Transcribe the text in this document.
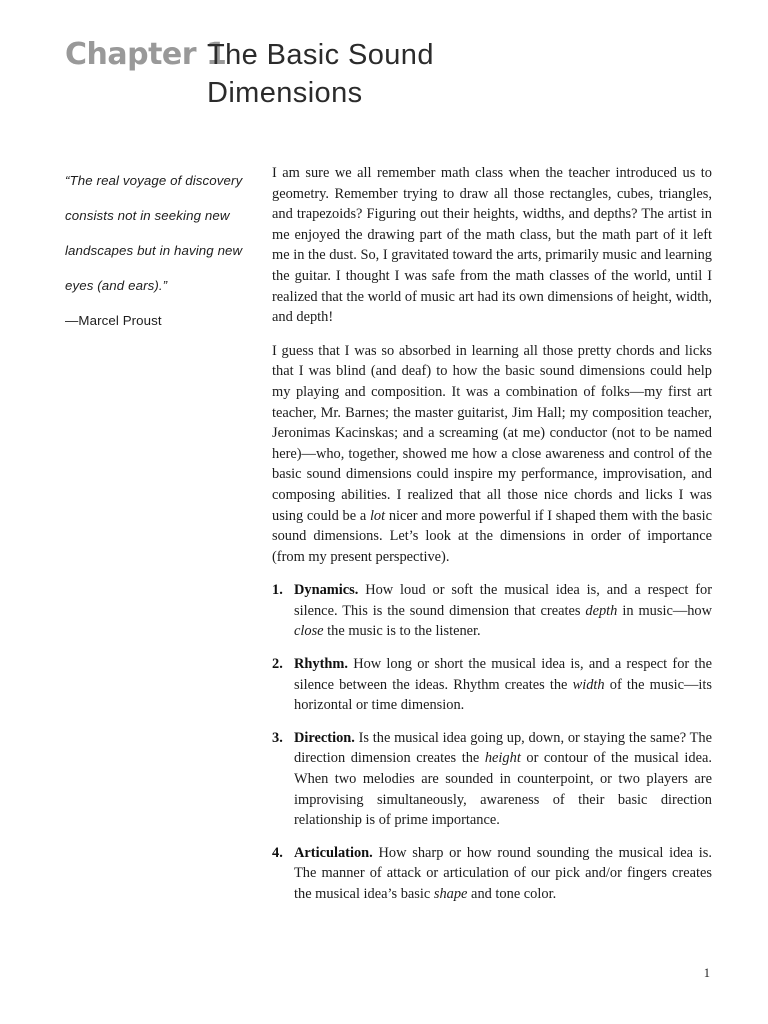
Chapter 1
The Basic Sound
Dimensions

“The real voyage of discovery consists not in seeking new landscapes but in having new eyes (and ears).”

—Marcel Proust

I am sure we all remember math class when the teacher introduced us to geometry. Remember trying to draw all those rectangles, cubes, triangles, and trapezoids? Figuring out their heights, widths, and depths? The artist in me enjoyed the drawing part of the math class, but the math part of it left me in the dust. So, I gravitated toward the arts, primarily music and learning the guitar. I thought I was safe from the math classes of the world, until I realized that the world of music art had its own dimensions of height, width, and depth!

I guess that I was so absorbed in learning all those pretty chords and licks that I was blind (and deaf) to how the basic sound dimensions could help my playing and composition. It was a combination of folks—my first art teacher, Mr. Barnes; the master guitarist, Jim Hall; my composition teacher, Jeronimas Kacinskas; and a screaming (at me) conductor (not to be named here)—who, together, showed me how a close awareness and control of the basic sound dimensions could inspire my performance, improvisation, and composing abilities. I realized that all those nice chords and licks I was using could be a lot nicer and more powerful if I shaped them with the basic sound dimensions. Let’s look at the dimensions in order of importance (from my present perspective).

1. Dynamics. How loud or soft the musical idea is, and a respect for silence. This is the sound dimension that creates depth in music—how close the music is to the listener.
2. Rhythm. How long or short the musical idea is, and a respect for the silence between the ideas. Rhythm creates the width of the music—its horizontal or time dimension.
3. Direction. Is the musical idea going up, down, or staying the same? The direction dimension creates the height or contour of the musical idea. When two melodies are sounded in counterpoint, or two players are improvising simultaneously, awareness of their basic direction relationship is of prime importance.
4. Articulation. How sharp or how round sounding the musical idea is. The manner of attack or articulation of our pick and/or fingers creates the musical idea’s basic shape and tone color.
1
